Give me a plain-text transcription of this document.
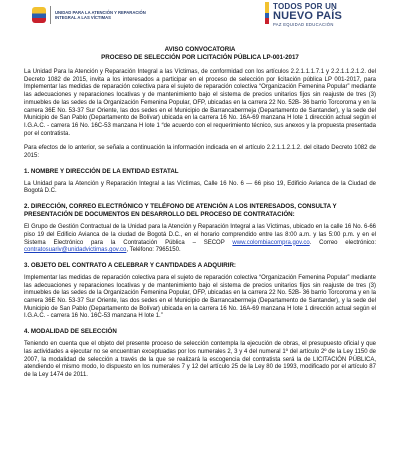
UNIDAD PARA LA ATENCIÓN Y REPARACIÓN INTEGRAL A LAS VÍCTIMAS
TODOS POR UN
NUEVO PAÍS
PAZ EQUIDAD EDUCACIÓN
AVISO CONVOCATORIA
PROCESO DE SELECCIÓN POR LICITACIÓN PÚBLICA LP-001-2017

La Unidad Para la Atención y Reparación Integral a las Víctimas, de conformidad con los artículos 2.2.1.1.1.7.1 y 2.2.1.1.2.1.2. del Decreto 1082 de 2015, invita a los interesados a participar en el proceso de selección por licitación pública LP 001-2017, para Implementar las medidas de reparación colectiva para el sujeto de reparación colectiva “Organización Femenina Popular” mediante las adecuaciones y reparaciones locativas y de mantenimiento bajo el sistema de precios unitarios fijos sin reajuste de tres (3) inmuebles de las sedes de la Organización Femenina Popular, OFP, ubicadas en la carrera 22 No. 52B- 36 barrio Torcoroma y en la carrera 36E No. 53-37 Sur Oriente, las dos sedes en el Municipio de Barrancabermeja (Departamento de Santander), y la sede del Municipio de San Pablo (Departamento de Bolívar) ubicada en la carrera 16 No. 16A-69 manzana H lote 1 dirección actual según el I.G.A.C. - carrera 16 No. 16C-53 manzana H lote 1 “de acuerdo con el requerimiento técnico, sus anexos y la propuesta presentada por el contratista.

Para efectos de lo anterior, se señala a continuación la información indicada en el artículo 2.2.1.1.2.1.2. del citado Decreto 1082 de 2015:

1. NOMBRE Y DIRECCIÓN DE LA ENTIDAD ESTATAL

La Unidad para la Atención y Reparación Integral a las Víctimas, Calle 16 No. 6 — 66 piso 19, Edificio Avianca de la Ciudad de Bogotá D.C.

2. DIRECCIÓN, CORREO ELECTRÓNICO Y TELÉFONO DE ATENCIÓN A LOS INTERESADOS, CONSULTA Y PRESENTACIÓN DE DOCUMENTOS EN DESARROLLO DEL PROCESO DE CONTRATACIÓN:

El Grupo de Gestión Contractual de la Unidad para la Atención y Reparación Integral a las Víctimas, ubicado en la calle 16 No. 6-66 piso 19 del Edificio Avianca de la ciudad de Bogotá D.C., en el horario comprendido entre las 8:00 a.m. y las 5:00 p.m. y en el Sistema Electrónico para la Contratación Pública – SECOP www.colombiacompra.gov.co. Correo electrónico: contratosuariv@unidadvictimas.gov.co, Teléfono: 7965150.

3. OBJETO DEL CONTRATO A CELEBRAR Y CANTIDADES A ADQUIRIR:

Implementar las medidas de reparación colectiva para el sujeto de reparación colectiva “Organización Femenina Popular” mediante las adecuaciones y reparaciones locativas y de mantenimiento bajo el sistema de precios unitarios fijos sin reajuste de tres (3) inmuebles de las sedes de la Organización Femenina Popular, OFP, ubicadas en la carrera 22 No. 52B- 36 barrio Torcoroma y en la carrera 36E No. 53-37 Sur Oriente, las dos sedes en el Municipio de Barrancabermeja (Departamento de Santander), y la sede del Municipio de San Pablo (Departamento de Bolívar) ubicada en la carrera 16 No. 16A-69 manzana H lote 1 dirección actual según el I.G.A.C. - carrera 16 No. 16C-53 manzana H lote 1.”

4. MODALIDAD DE SELECCIÓN

Teniendo en cuenta que el objeto del presente proceso de selección contempla la ejecución de obras, el presupuesto oficial y que las actividades a ejecutar no se encuentran exceptuadas por los numerales 2, 3 y 4 del numeral 1º del artículo 2º de la Ley 1150 de 2007, la modalidad de selección a través de la que se realizará la escogencia del contratista será la de LICITACIÓN PÚBLICA, atendiendo el mismo modo, lo dispuesto en los numerales 7 y 12 del artículo 25 de la Ley 80 de 1993, modificado por el artículo 87 de la Ley 1474 de 2011.
